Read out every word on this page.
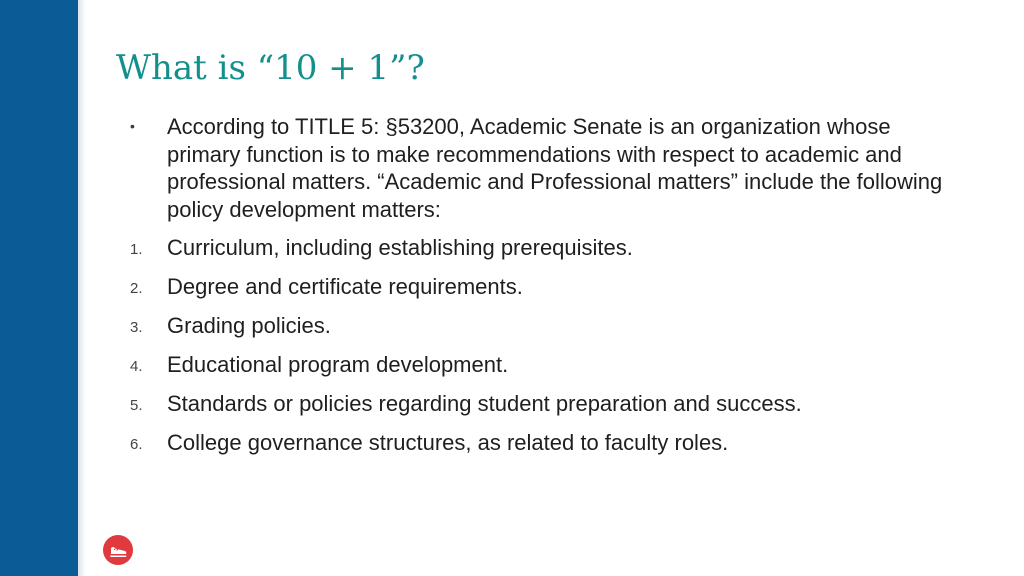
What is “10 + 1”?
• According to TITLE 5: §53200, Academic Senate is an organization whose primary function is to make recommendations with respect to academic and professional matters. “Academic and Professional matters” include the following policy development matters:
1. Curriculum, including establishing prerequisites.
2. Degree and certificate requirements.
3. Grading policies.
4. Educational program development.
5. Standards or policies regarding student preparation and success.
6. College governance structures, as related to faculty roles.
